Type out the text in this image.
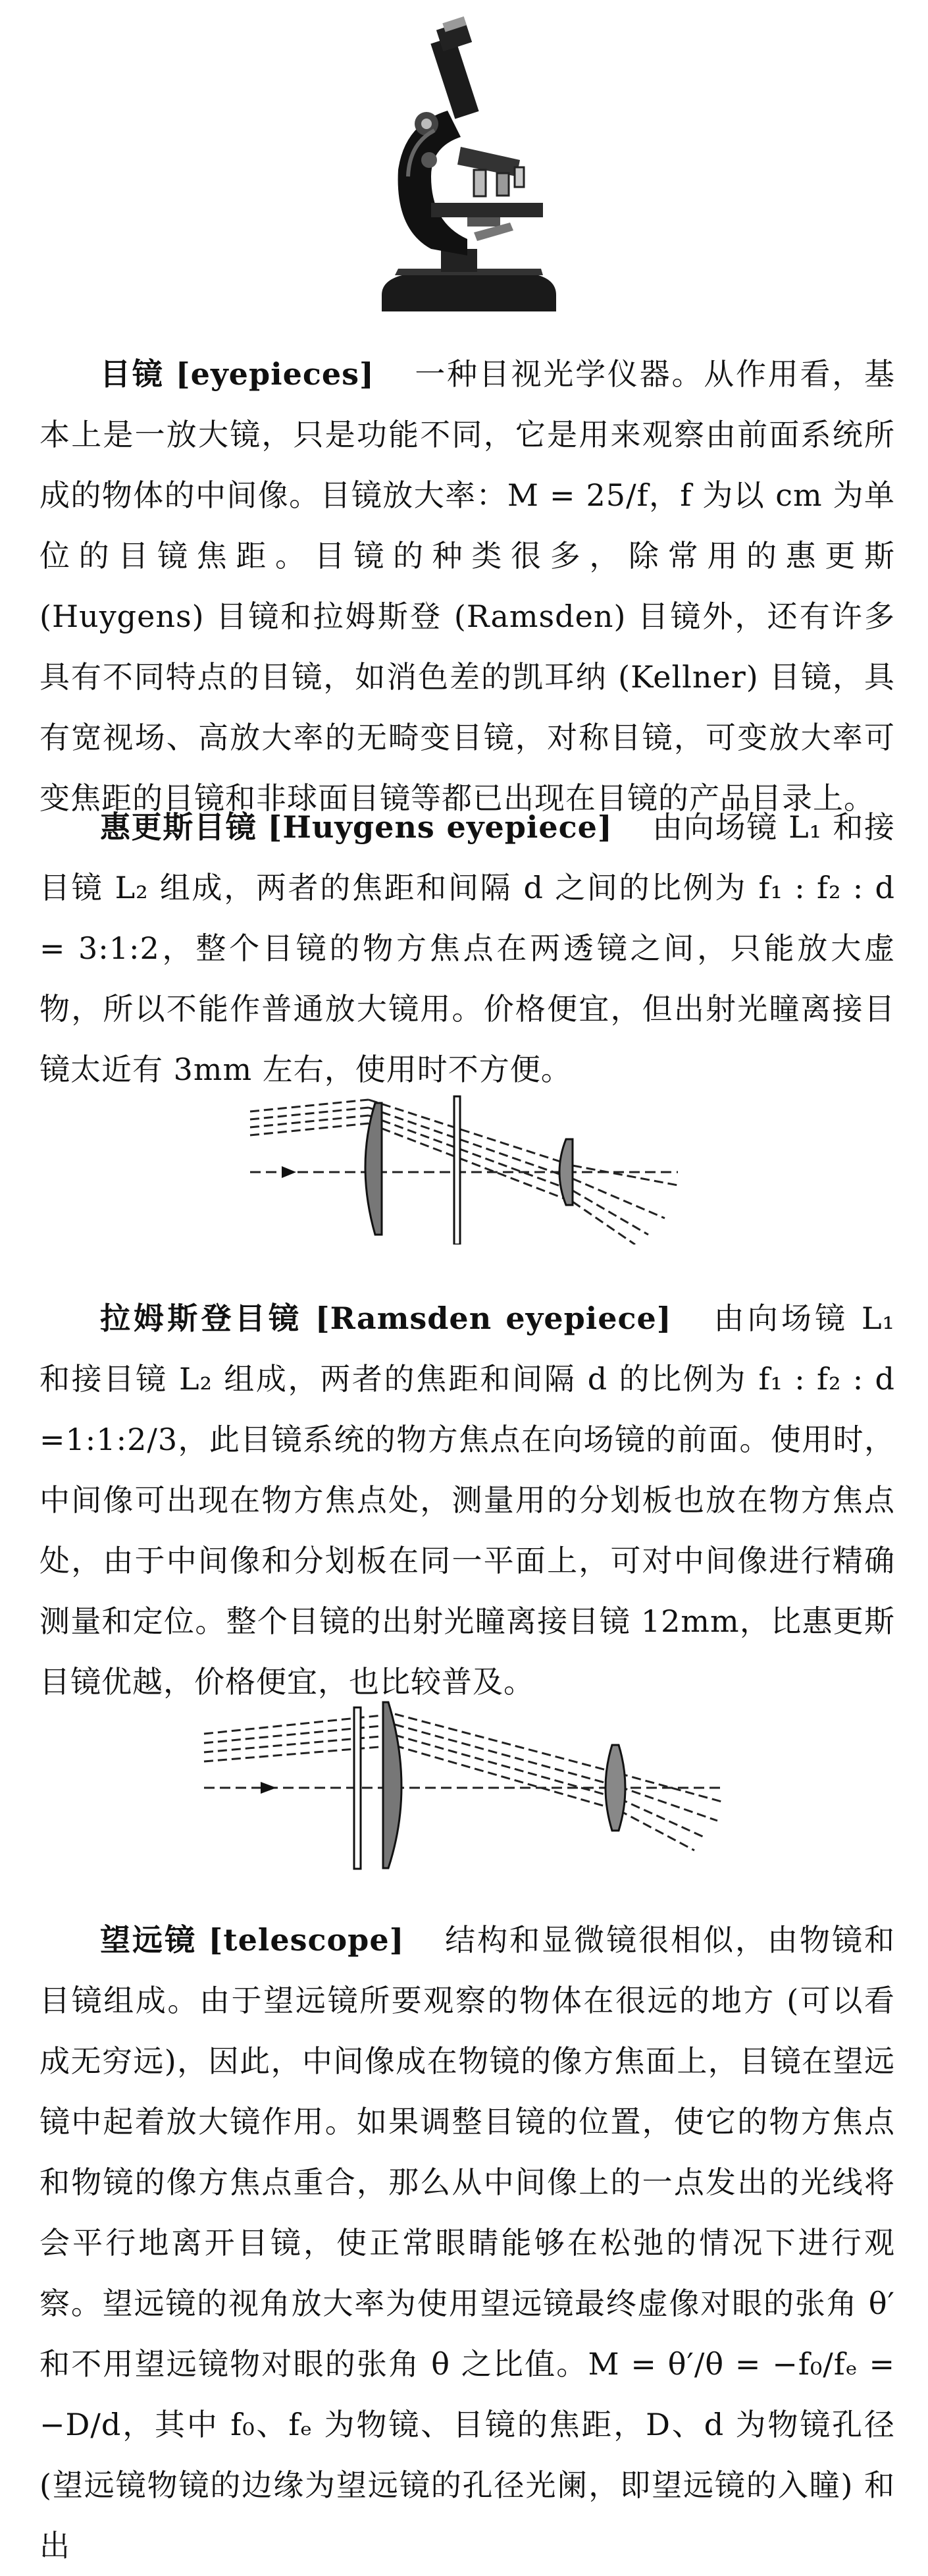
目镜 [eyepieces] 一种目视光学仪器。从作用看，基本上是一放大镜，只是功能不同，它是用来观察由前面系统所成的物体的中间像。目镜放大率：M = 25/f，f 为以 cm 为单位的目镜焦距。目镜的种类很多，除常用的惠更斯 (Huygens) 目镜和拉姆斯登 (Ramsden) 目镜外，还有许多具有不同特点的目镜，如消色差的凯耳纳 (Kellner) 目镜，具有宽视场、高放大率的无畸变目镜，对称目镜，可变放大率可变焦距的目镜和非球面目镜等都已出现在目镜的产品目录上。

惠更斯目镜 [Huygens eyepiece] 由向场镜 L₁ 和接目镜 L₂ 组成，两者的焦距和间隔 d 之间的比例为 f₁ : f₂ : d = 3:1:2，整个目镜的物方焦点在两透镜之间，只能放大虚物，所以不能作普通放大镜用。价格便宜，但出射光瞳离接目镜太近有 3mm 左右，使用时不方便。

拉姆斯登目镜 [Ramsden eyepiece] 由向场镜 L₁ 和接目镜 L₂ 组成，两者的焦距和间隔 d 的比例为 f₁ : f₂ : d =1:1:2/3，此目镜系统的物方焦点在向场镜的前面。使用时，中间像可出现在物方焦点处，测量用的分划板也放在物方焦点处，由于中间像和分划板在同一平面上，可对中间像进行精确测量和定位。整个目镜的出射光瞳离接目镜 12mm，比惠更斯目镜优越，价格便宜，也比较普及。

望远镜 [telescope] 结构和显微镜很相似，由物镜和目镜组成。由于望远镜所要观察的物体在很远的地方 (可以看成无穷远)，因此，中间像成在物镜的像方焦面上，目镜在望远镜中起着放大镜作用。如果调整目镜的位置，使它的物方焦点和物镜的像方焦点重合，那么从中间像上的一点发出的光线将会平行地离开目镜，使正常眼睛能够在松弛的情况下进行观察。望远镜的视角放大率为使用望远镜最终虚像对眼的张角 θ′ 和不用望远镜物对眼的张角 θ 之比值。M = θ′/θ = −f₀/fₑ = −D/d，其中 f₀、fₑ 为物镜、目镜的焦距，D、d 为物镜孔径 (望远镜物镜的边缘为望远镜的孔径光阑，即望远镜的入瞳) 和出
